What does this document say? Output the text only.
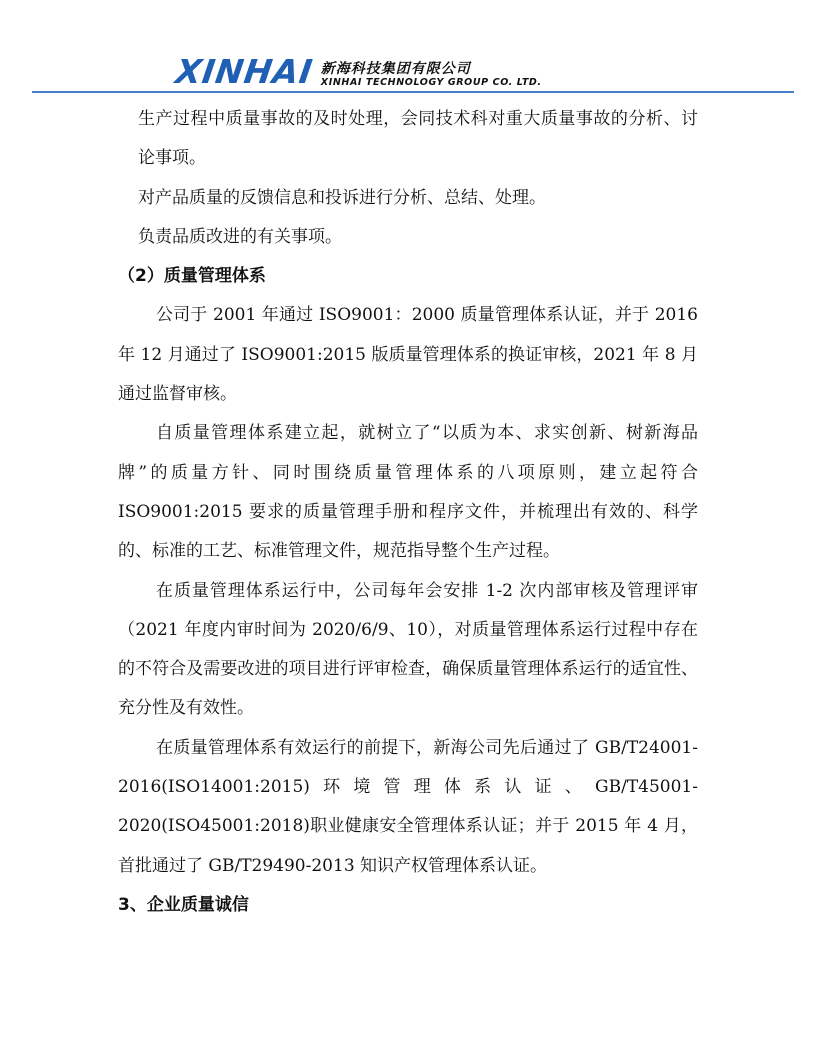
XINHAI 新海科技集团有限公司
XINHAI TECHNOLOGY GROUP CO. LTD.

生产过程中质量事故的及时处理，会同技术科对重大质量事故的分析、讨论事项。

对产品质量的反馈信息和投诉进行分析、总结、处理。

负责品质改进的有关事项。

（2）质量管理体系

公司于 2001 年通过 ISO9001：2000 质量管理体系认证，并于 2016 年 12 月通过了 ISO9001:2015 版质量管理体系的换证审核，2021 年 8 月通过监督审核。

自质量管理体系建立起，就树立了“以质为本、求实创新、树新海品牌”的质量方针、同时围绕质量管理体系的八项原则，建立起符合 ISO9001:2015 要求的质量管理手册和程序文件，并梳理出有效的、科学的、标准的工艺、标准管理文件，规范指导整个生产过程。

在质量管理体系运行中，公司每年会安排 1-2 次内部审核及管理评审（2021 年度内审时间为 2020/6/9、10），对质量管理体系运行过程中存在的不符合及需要改进的项目进行评审检查，确保质量管理体系运行的适宜性、充分性及有效性。

在质量管理体系有效运行的前提下，新海公司先后通过了 GB/T24001-2016(ISO14001:2015)环境管理体系认证、GB/T45001-2020(ISO45001:2018)职业健康安全管理体系认证；并于 2015 年 4 月，首批通过了 GB/T29490-2013 知识产权管理体系认证。

3、企业质量诚信
